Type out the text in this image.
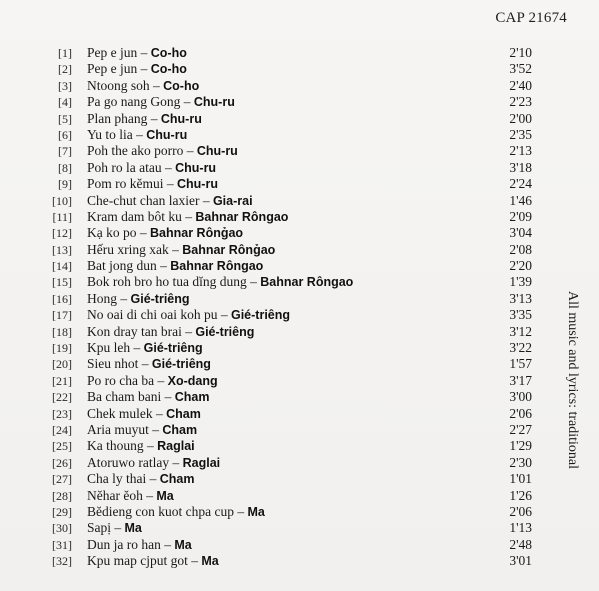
CAP 21674
[1] Pep e jun – Co-ho	2'10
[2] Pep e jun – Co-ho	3'52
[3] Ntoong soh – Co-ho	2'40
[4] Pa go nang Gong – Chu-ru	2'23
[5] Plan phang – Chu-ru	2'00
[6] Yu to lia – Chu-ru	2'35
[7] Poh the ako porro – Chu-ru	2'13
[8] Poh ro la atau – Chu-ru	3'18
[9] Pom ro kĕmui – Chu-ru	2'24
[10] Che-chut chan laxier – Gia-rai	1'46
[11] Kram dam bôt ku – Bahnar Rôngao	2'09
[12] Kạ ko po – Bahnar Rông̉ao	3'04
[13] Hếru xring xak – Bahnar Rông̉ao	2'08
[14] Bat jong dun – Bahnar Rôngao	2'20
[15] Bok roh bro ho tua dĭng dung – Bahnar Rôngao	1'39
[16] Hong – Gié-triêng	3'13
[17] No oai di chi oai koh pu – Gié-triêng	3'35
[18] Kon dray tan brai – Gié-triêng	3'12
[19] Kpu leh – Gié-triêng	3'22
[20] Sieu nhot – Gié-triêng	1'57
[21] Po ro cha ba – Xo-dang	3'17
[22] Ba cham bani – Cham	3'00
[23] Chek mulek – Cham	2'06
[24] Aria muyut – Cham	2'27
[25] Ka thoung – Raglai	1'29
[26] Atoruwo ratlay – Raglai	2'30
[27] Cha ly thai – Cham	1'01
[28] Nĕhar ĕoh – Ma	1'26
[29] Bĕdieng con kuot chpa cup – Ma	2'06
[30] Sapị – Ma	1'13
[31] Dun ja ro han – Ma	2'48
[32] Kpu map cjput got – Ma	3'01
All music and lyrics: traditional
